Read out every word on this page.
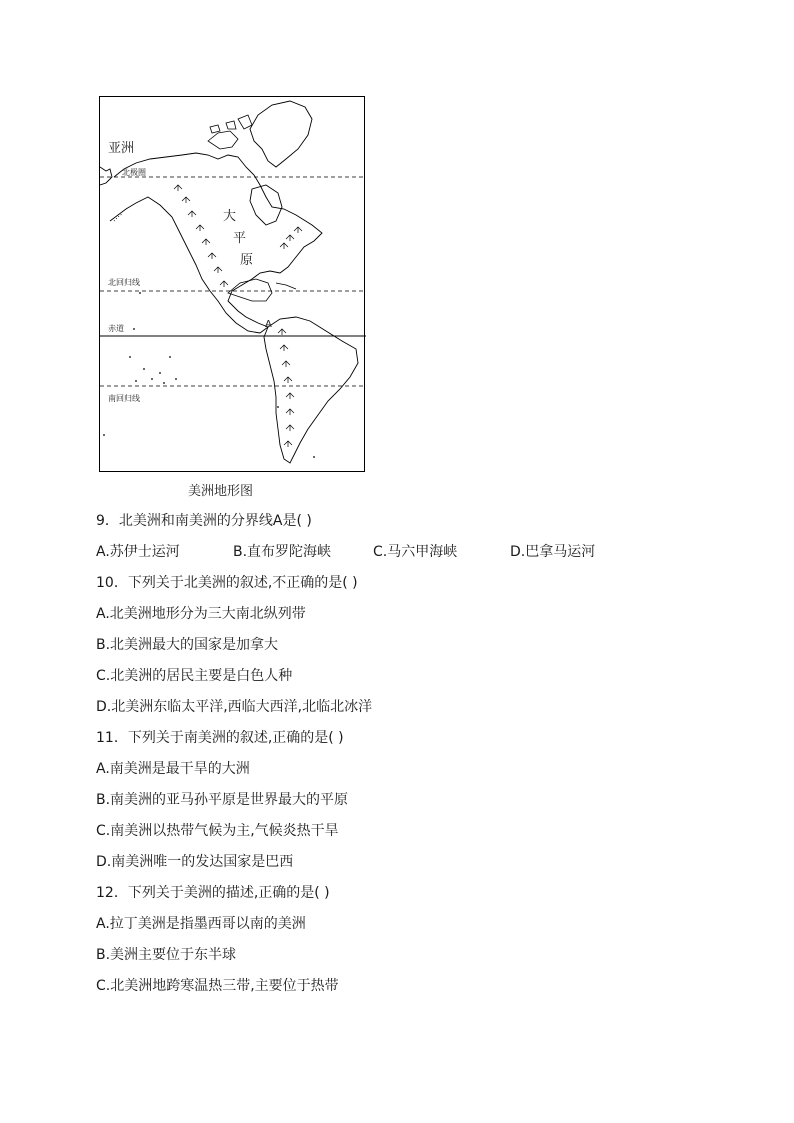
亚洲
北极圈
北回归线
赤道
南回归线
大
平
原
A
美洲地形图
9．北美洲和南美洲的分界线A是( )
A.苏伊士运河	B.直布罗陀海峡	C.马六甲海峡	D.巴拿马运河
10．下列关于北美洲的叙述,不正确的是( )
A.北美洲地形分为三大南北纵列带
B.北美洲最大的国家是加拿大
C.北美洲的居民主要是白色人种
D.北美洲东临太平洋,西临大西洋,北临北冰洋
11．下列关于南美洲的叙述,正确的是( )
A.南美洲是最干旱的大洲
B.南美洲的亚马孙平原是世界最大的平原
C.南美洲以热带气候为主,气候炎热干旱
D.南美洲唯一的发达国家是巴西
12．下列关于美洲的描述,正确的是( )
A.拉丁美洲是指墨西哥以南的美洲
B.美洲主要位于东半球
C.北美洲地跨寒温热三带,主要位于热带
